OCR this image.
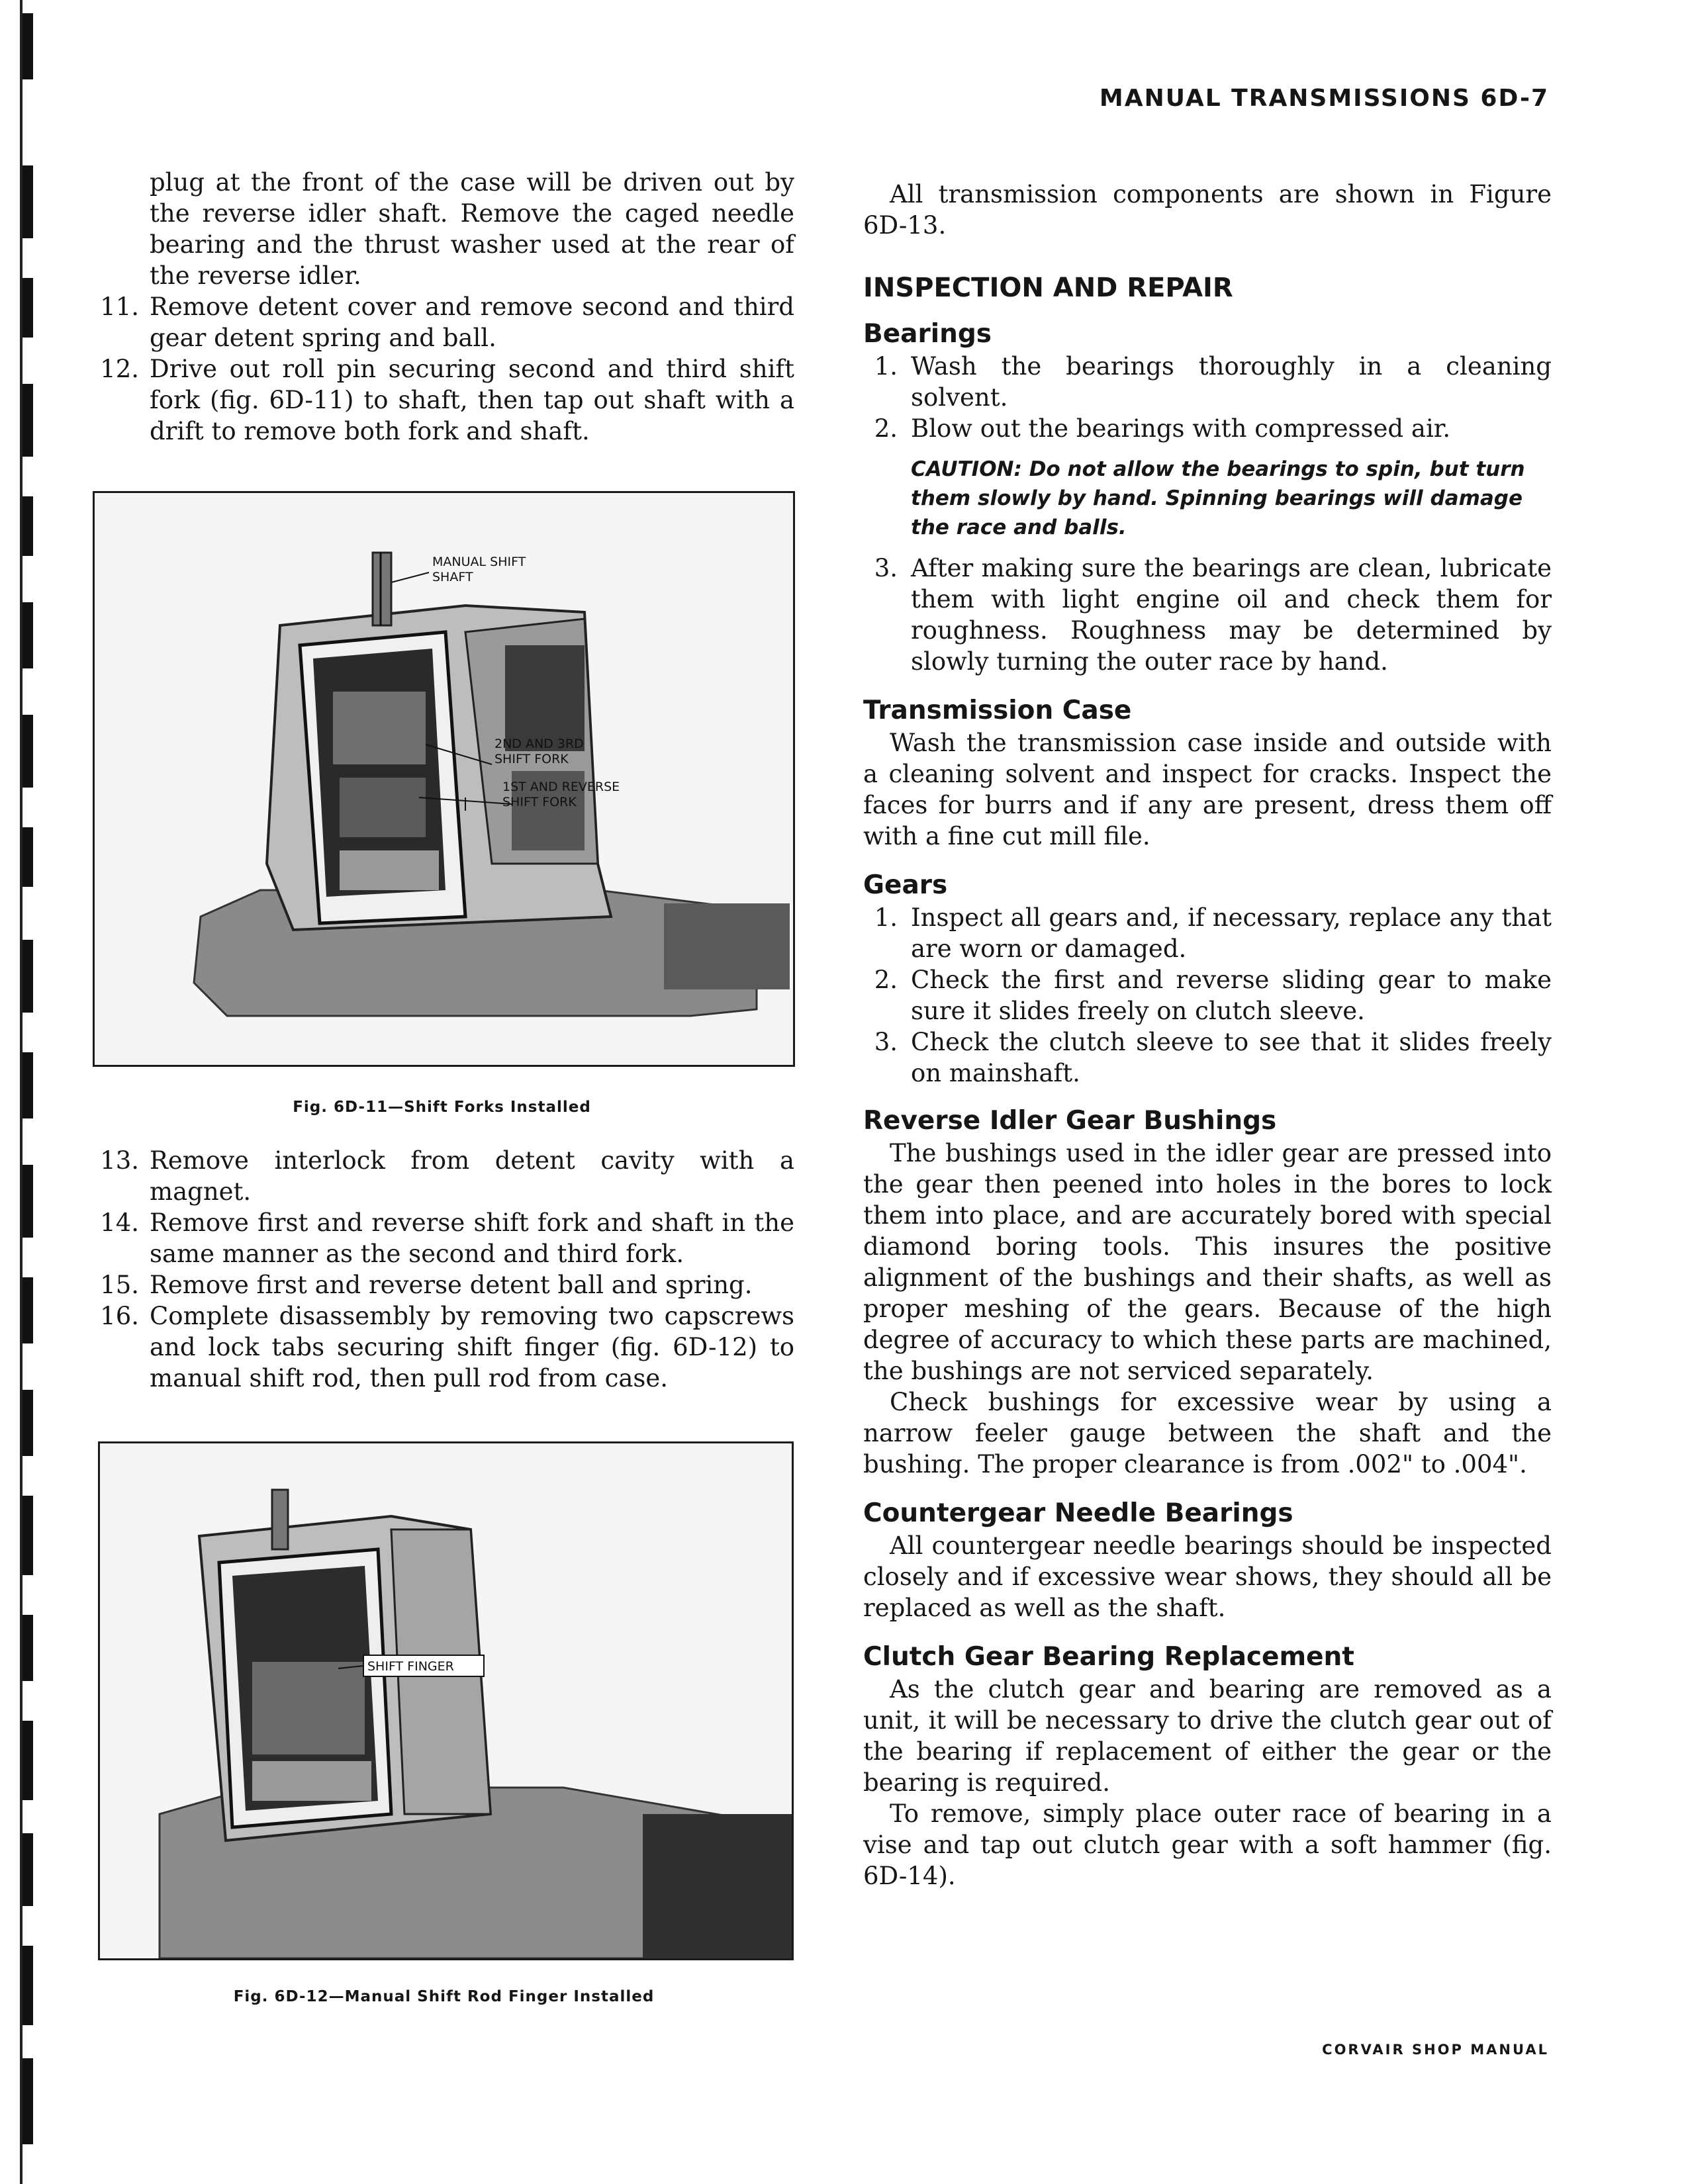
MANUAL TRANSMISSIONS 6D-7

plug at the front of the case will be driven out by the reverse idler shaft. Remove the caged needle bearing and the thrust washer used at the rear of the reverse idler.

11. Remove detent cover and remove second and third gear detent spring and ball.

12. Drive out roll pin securing second and third shift fork (fig. 6D-11) to shaft, then tap out shaft with a drift to remove both fork and shaft.

MANUAL SHIFT
SHAFT
2ND AND 3RD
SHIFT FORK
1ST AND REVERSE
SHIFT FORK
Fig. 6D-11—Shift Forks Installed

13. Remove interlock from detent cavity with a magnet.

14. Remove first and reverse shift fork and shaft in the same manner as the second and third fork.

15. Remove first and reverse detent ball and spring.

16. Complete disassembly by removing two capscrews and lock tabs securing shift finger (fig. 6D-12) to manual shift rod, then pull rod from case.

SHIFT FINGER
Fig. 6D-12—Manual Shift Rod Finger Installed

All transmission components are shown in Figure 6D-13.

INSPECTION AND REPAIR

Bearings

1. Wash the bearings thoroughly in a cleaning solvent.

2. Blow out the bearings with compressed air.

CAUTION: Do not allow the bearings to spin, but turn them slowly by hand. Spinning bearings will damage the race and balls.

3. After making sure the bearings are clean, lubricate them with light engine oil and check them for roughness. Roughness may be determined by slowly turning the outer race by hand.

Transmission Case

Wash the transmission case inside and outside with a cleaning solvent and inspect for cracks. Inspect the faces for burrs and if any are present, dress them off with a fine cut mill file.

Gears

1. Inspect all gears and, if necessary, replace any that are worn or damaged.

2. Check the first and reverse sliding gear to make sure it slides freely on clutch sleeve.

3. Check the clutch sleeve to see that it slides freely on mainshaft.

Reverse Idler Gear Bushings

The bushings used in the idler gear are pressed into the gear then peened into holes in the bores to lock them into place, and are accurately bored with special diamond boring tools. This insures the positive alignment of the bushings and their shafts, as well as proper meshing of the gears. Because of the high degree of accuracy to which these parts are machined, the bushings are not serviced separately.

Check bushings for excessive wear by using a narrow feeler gauge between the shaft and the bushing. The proper clearance is from .002" to .004".

Countergear Needle Bearings

All countergear needle bearings should be inspected closely and if excessive wear shows, they should all be replaced as well as the shaft.

Clutch Gear Bearing Replacement

As the clutch gear and bearing are removed as a unit, it will be necessary to drive the clutch gear out of the bearing if replacement of either the gear or the bearing is required.

To remove, simply place outer race of bearing in a vise and tap out clutch gear with a soft hammer (fig. 6D-14).

CORVAIR SHOP MANUAL
